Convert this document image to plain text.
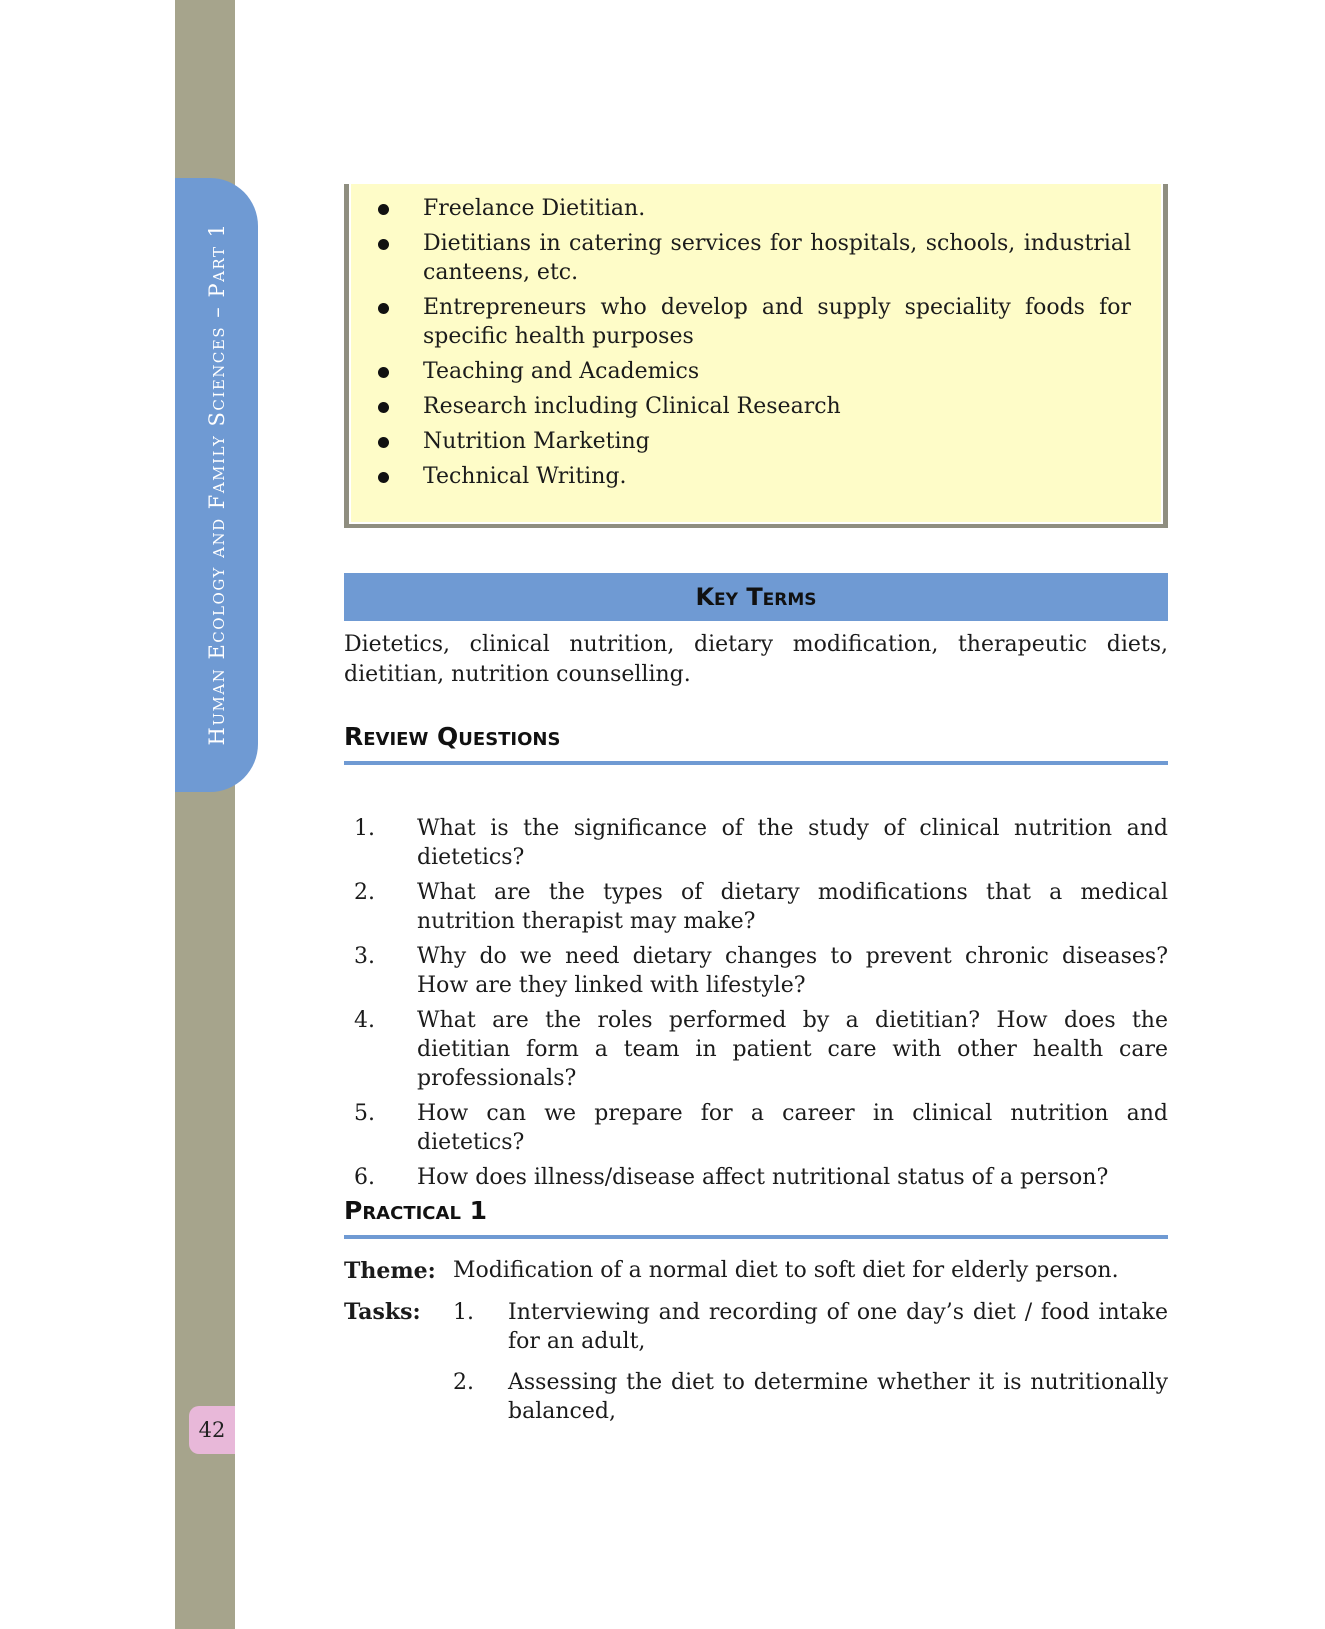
Human Ecology and Family Sciences – Part 1
42
Freelance Dietitian.
Dietitians in catering services for hospitals, schools, industrial canteens, etc.
Entrepreneurs who develop and supply speciality foods for specific health purposes
Teaching and Academics
Research including Clinical Research
Nutrition Marketing
Technical Writing.
Key Terms
Dietetics, clinical nutrition, dietary modification, therapeutic diets, dietitian, nutrition counselling.
Review Questions
1.	What is the significance of the study of clinical nutrition and dietetics?
2.	What are the types of dietary modifications that a medical nutrition therapist may make?
3.	Why do we need dietary changes to prevent chronic diseases? How are they linked with lifestyle?
4.	What are the roles performed by a dietitian? How does the dietitian form a team in patient care with other health care professionals?
5.	How can we prepare for a career in clinical nutrition and dietetics?
6.	How does illness/disease affect nutritional status of a person?
Practical 1
Theme: Modification of a normal diet to soft diet for elderly person.
Tasks:	1.	Interviewing and recording of one day’s diet / food intake for an adult,
2.	Assessing the diet to determine whether it is nutritionally balanced,
